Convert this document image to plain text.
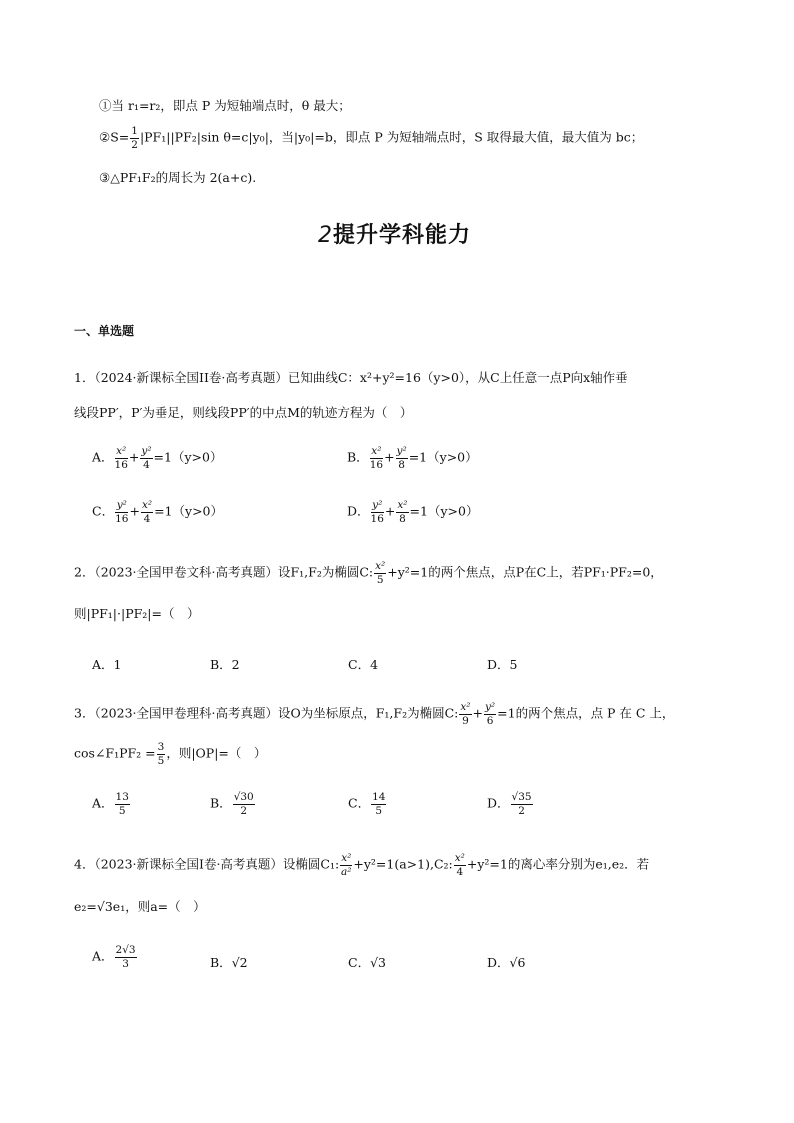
①当 r₁=r₂，即点 P 为短轴端点时，θ 最大；
②S= $\frac{1}{2} |PF_1||PF_2|\sin$ θ=c|y₀|，当|y₀|=b，即点 P 为短轴端点时，S 取得最大值，最大值为 bc；
③△PF₁F₂的周长为 2(a+c).
2提升学科能力
一、单选题
1．（2024·新课标全国II卷·高考真题）已知曲线C：x²+y²=16（y>0），从C上任意一点P向x轴作垂
线段PP′，P′为垂足，则线段PP′的中点M的轨迹方程为（　）
A． $\frac{\text{x²}}{16} + \frac{\text{y²}}{4} =1(y>0)$	B． $\frac{\text{x²}}{16} + \frac{\text{y²}}{8} =1(y>0)$
C． $\frac{\text{y²}}{16} + \frac{\text{x²}}{4} =1(y>0)$	D． $\frac{\text{y²}}{16} + \frac{\text{x²}}{8} =1(y>0)$
2．（2023·全国甲卷文科·高考真题）设F₁,F₂为椭圆C: $\frac{\text{x²}}{5} +y^2=1$的两个焦点，点P在C上，若PF₁·PF₂=0，
则|PF₁|·|PF₂|=（　）
A．1	B．2	C．4	D．5
3．（2023·全国甲卷理科·高考真题）设O为坐标原点，F₁,F₂为椭圆C: $\frac{\text{x²}}{9} + \frac{\text{y²}}{6} =1$的两个焦点，点 P 在 C 上，
cos∠F₁PF₂ = $\frac{3}{5}$ ，则|OP|=（　）
A． $\frac{13}{5}$	B． $\frac{√30}{2}$	C． $\frac{14}{5}$	D． $\frac{√35}{2}$
4．（2023·新课标全国I卷·高考真题）设椭圆C₁: $\frac{\text{x²}}{\text{a²}} +y^2=1(a>1),C_2$: $\frac{\text{x²}}{4} +y^2=1$的离心率分别为e₁,e₂．若
e₂=√3e₁，则a=（　）
A． $\frac{2√3}{3}$	B．√2	C．√3	D．√6
